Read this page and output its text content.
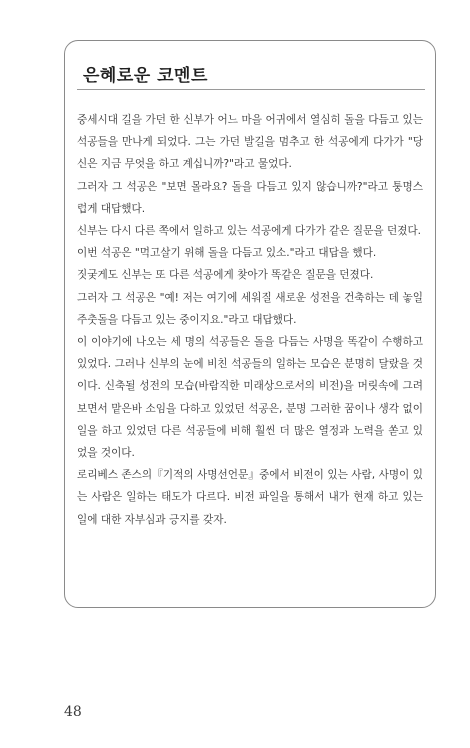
은혜로운 코멘트

중세시대 길을 가던 한 신부가 어느 마을 어귀에서 열심히 돌을 다듬고 있는 석공들을 만나게 되었다. 그는 가던 발길을 멈추고 한 석공에게 다가가 "당신은 지금 무엇을 하고 계십니까?"라고 물었다.

그러자 그 석공은 "보면 몰라요? 돌을 다듬고 있지 않습니까?"라고 퉁명스럽게 대답했다.

신부는 다시 다른 쪽에서 일하고 있는 석공에게 다가가 같은 질문을 던졌다.

이번 석공은 "먹고살기 위해 돌을 다듬고 있소."라고 대답을 했다.

짓궂게도 신부는 또 다른 석공에게 찾아가 똑같은 질문을 던졌다.

그러자 그 석공은 "예! 저는 여기에 세워질 새로운 성전을 건축하는 데 놓일 주춧돌을 다듬고 있는 중이지요."라고 대답했다.

이 이야기에 나오는 세 명의 석공들은 돌을 다듬는 사명을 똑같이 수행하고 있었다. 그러나 신부의 눈에 비친 석공들의 일하는 모습은 분명히 달랐을 것이다. 신축될 성전의 모습(바람직한 미래상으로서의 비전)을 머릿속에 그려 보면서 맡은바 소임을 다하고 있었던 석공은, 분명 그러한 꿈이나 생각 없이 일을 하고 있었던 다른 석공들에 비해 훨씬 더 많은 열정과 노력을 쏟고 있었을 것이다.

로리베스 존스의『기적의 사명선언문』중에서 비전이 있는 사람, 사명이 있는 사람은 일하는 태도가 다르다. 비전 파일을 통해서 내가 현재 하고 있는 일에 대한 자부심과 긍지를 갖자.

48
